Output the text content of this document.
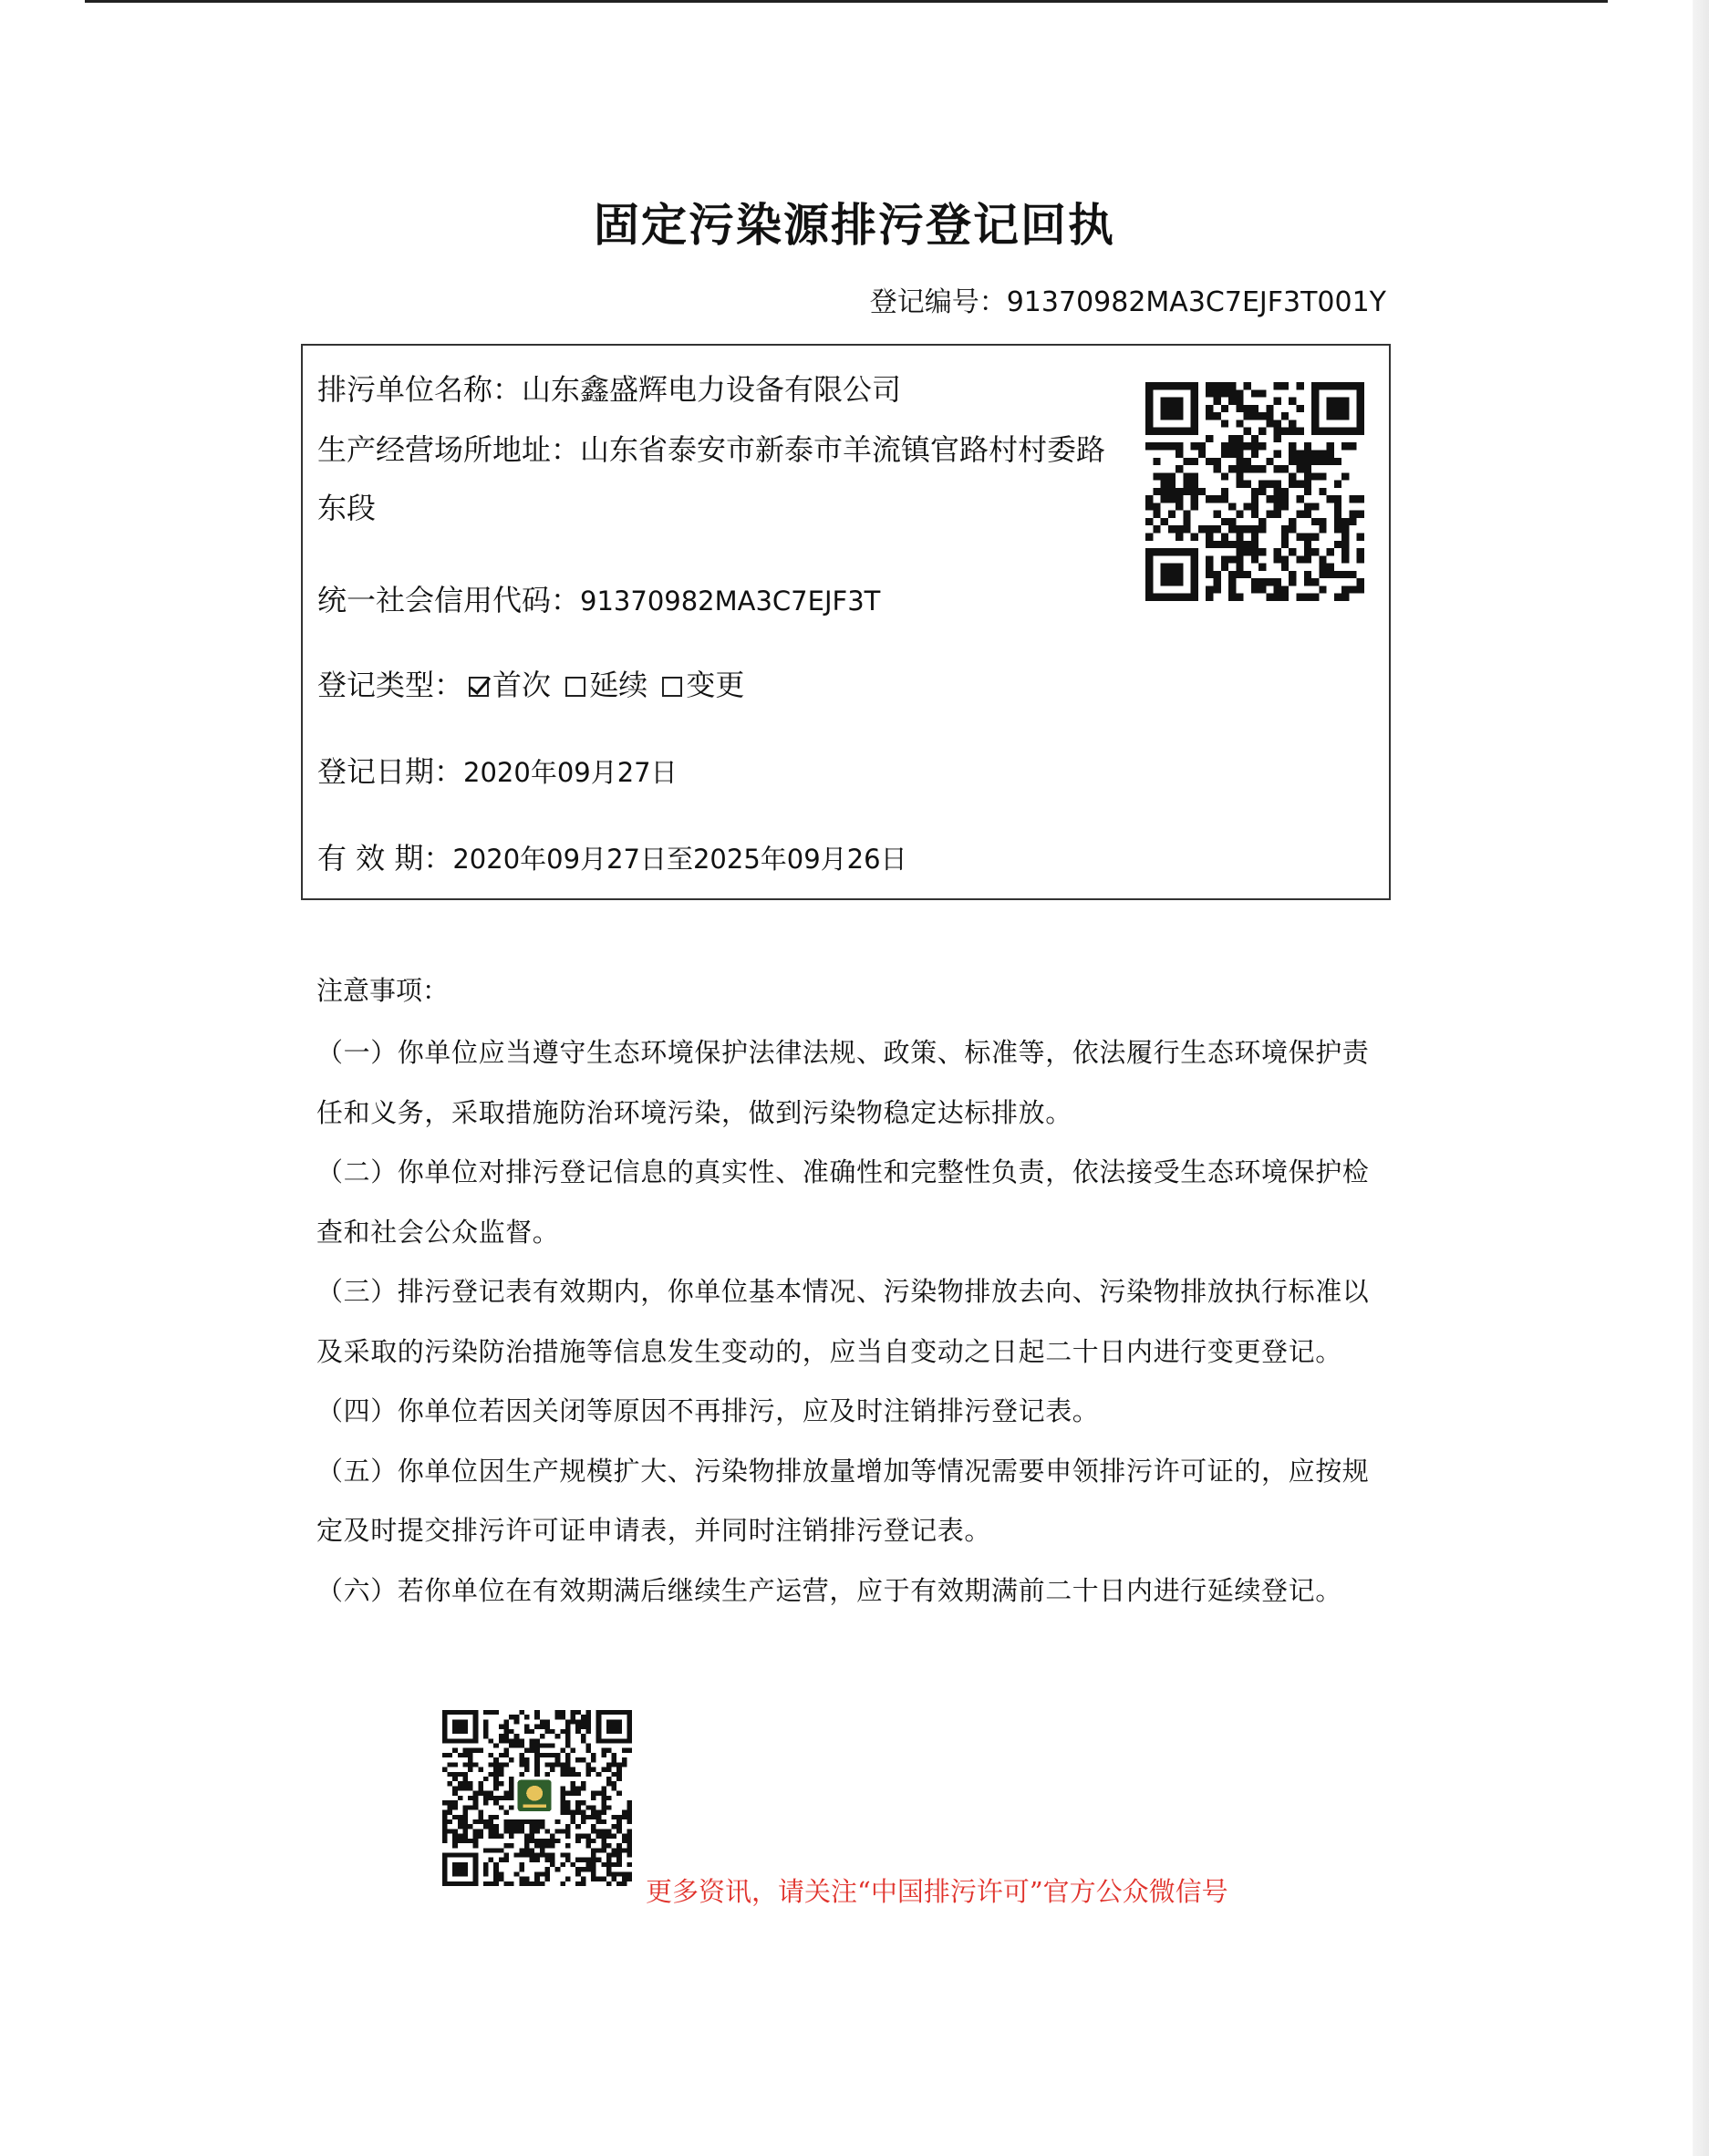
固定污染源排污登记回执
登记编号：91370982MA3C7EJF3T001Y
排污单位名称：山东鑫盛辉电力设备有限公司
生产经营场所地址：山东省泰安市新泰市羊流镇官路村村委路东段
统一社会信用代码：91370982MA3C7EJF3T
登记类型： 首次 延续 变更
登记日期：2020年09月27日
有 效 期：2020年09月27日至2025年09月26日
注意事项：

（一）你单位应当遵守生态环境保护法律法规、政策、标准等，依法履行生态环境保护责任和义务，采取措施防治环境污染，做到污染物稳定达标排放。

（二）你单位对排污登记信息的真实性、准确性和完整性负责，依法接受生态环境保护检查和社会公众监督。

（三）排污登记表有效期内，你单位基本情况、污染物排放去向、污染物排放执行标准以及采取的污染防治措施等信息发生变动的，应当自变动之日起二十日内进行变更登记。

（四）你单位若因关闭等原因不再排污，应及时注销排污登记表。

（五）你单位因生产规模扩大、污染物排放量增加等情况需要申领排污许可证的，应按规定及时提交排污许可证申请表，并同时注销排污登记表。

（六）若你单位在有效期满后继续生产运营，应于有效期满前二十日内进行延续登记。

更多资讯，请关注“中国排污许可”官方公众微信号
